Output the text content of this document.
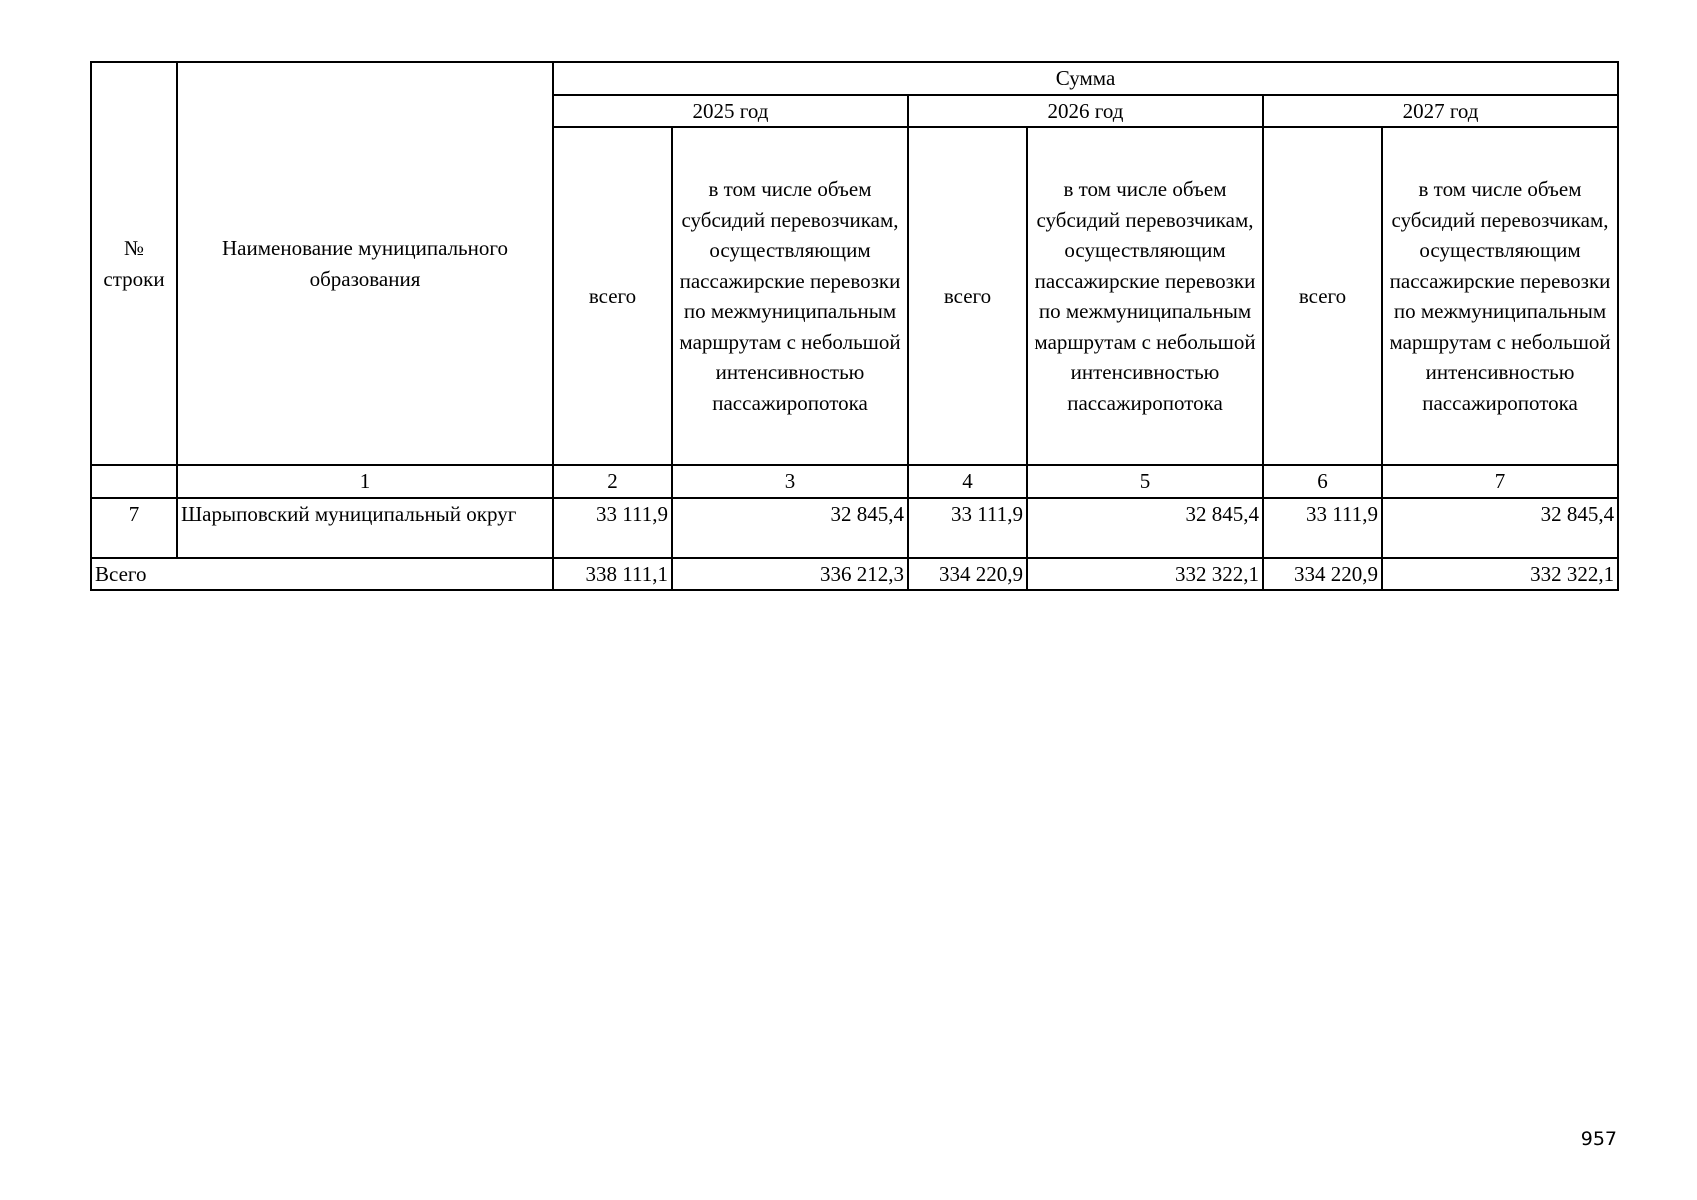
№ строки	Наименование муниципального образования	Сумма					
		2025 год		2026 год		2027 год	
		всего	в том числе объем субсидий перевозчикам, осуществляющим пассажирские перевозки по межмуниципальным маршрутам с небольшой интенсивностью пассажиропотока	всего	в том числе объем субсидий перевозчикам, осуществляющим пассажирские перевозки по межмуниципальным маршрутам с небольшой интенсивностью пассажиропотока	всего	в том числе объем субсидий перевозчикам, осуществляющим пассажирские перевозки по межмуниципальным маршрутам с небольшой интенсивностью пассажиропотока
	1	2	3	4	5	6	7
7	Шарыповский муниципальный округ	33 111,9	32 845,4	33 111,9	32 845,4	33 111,9	32 845,4
Всего		338 111,1	336 212,3	334 220,9	332 322,1	334 220,9	332 322,1
957
